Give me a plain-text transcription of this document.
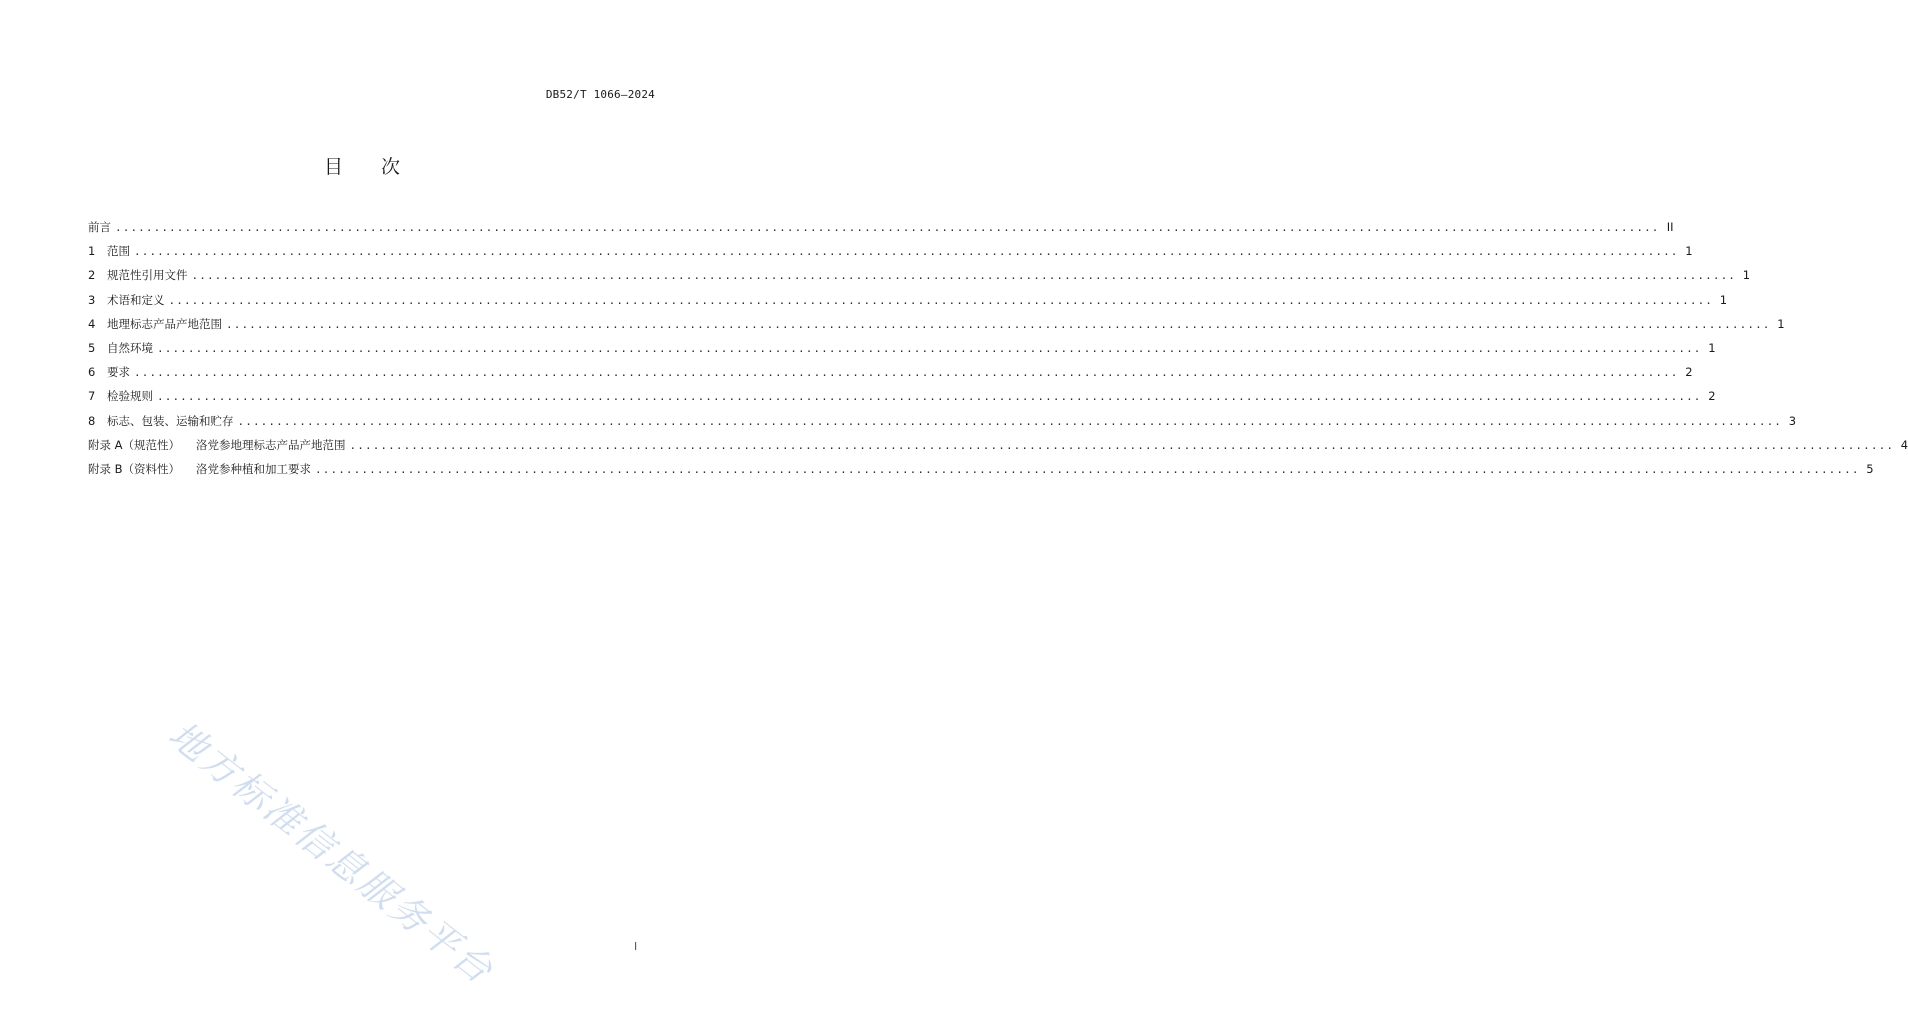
DB52/T 1066—2024
目 次
前言 ........................................................................................................................................................................................................ II
1	范围 ........................................................................................................................................................................................................ 1
2	规范性引用文件 ........................................................................................................................................................................................................ 1
3	术语和定义 ........................................................................................................................................................................................................ 1
4	地理标志产品产地范围 ........................................................................................................................................................................................................ 1
5	自然环境 ........................................................................................................................................................................................................ 1
6	要求 ........................................................................................................................................................................................................ 2
7	检验规则 ........................................................................................................................................................................................................ 2
8	标志、包装、运输和贮存 ........................................................................................................................................................................................................ 3
附录 A（规范性） 洛党参地理标志产品产地范围 ........................................................................................................................................................................................................ 4
附录 B（资料性） 洛党参种植和加工要求 ........................................................................................................................................................................................................ 5
地方标准信息服务平台	I
